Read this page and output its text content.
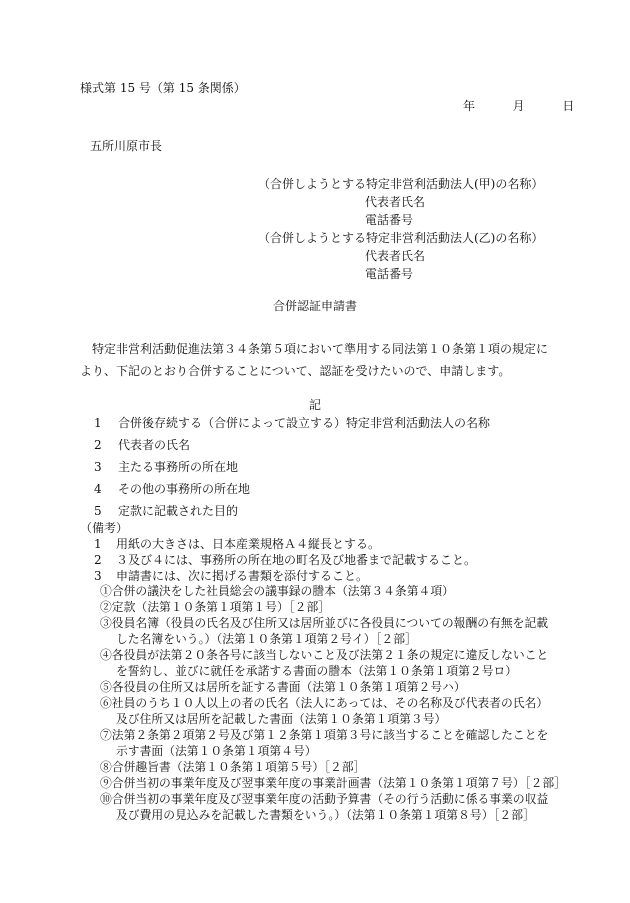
様式第 15 号（第 15 条関係）
年	月	日
五所川原市長
（合併しようとする特定非営利活動法人(甲)の名称）
代表者氏名
電話番号
（合併しようとする特定非営利活動法人(乙)の名称）
代表者氏名
電話番号
合併認証申請書
特定非営利活動促進法第３４条第５項において準用する同法第１０条第１項の規定により、下記のとおり合併することについて、認証を受けたいので、申請します。
記
1 合併後存続する（合併によって設立する）特定非営利活動法人の名称
2 代表者の氏名
3 主たる事務所の所在地
4 その他の事務所の所在地
5 定款に記載された目的
（備考）
1 用紙の大きさは、日本産業規格Ａ４縦長とする。
2 ３及び４には、事務所の所在地の町名及び地番まで記載すること。
3 申請書には、次に掲げる書類を添付すること。
①合併の議決をした社員総会の議事録の謄本（法第３４条第４項）
②定款（法第１０条第１項第１号）［２部］
③役員名簿（役員の氏名及び住所又は居所並びに各役員についての報酬の有無を記載
した名簿をいう。）（法第１０条第１項第２号イ）［２部］
④各役員が法第２０条各号に該当しないこと及び法第２１条の規定に違反しないこと
を誓約し、並びに就任を承諾する書面の謄本（法第１０条第１項第２号ロ）
⑤各役員の住所又は居所を証する書面（法第１０条第１項第２号ハ）
⑥社員のうち１０人以上の者の氏名（法人にあっては、その名称及び代表者の氏名）
及び住所又は居所を記載した書面（法第１０条第１項第３号）
⑦法第２条第２項第２号及び第１２条第１項第３号に該当することを確認したことを
示す書面（法第１０条第１項第４号）
⑧合併趣旨書（法第１０条第１項第５号）［２部］
⑨合併当初の事業年度及び翌事業年度の事業計画書（法第１０条第１項第７号）［２部］
⑩合併当初の事業年度及び翌事業年度の活動予算書（その行う活動に係る事業の収益
及び費用の見込みを記載した書類をいう。）（法第１０条第１項第８号）［２部］
